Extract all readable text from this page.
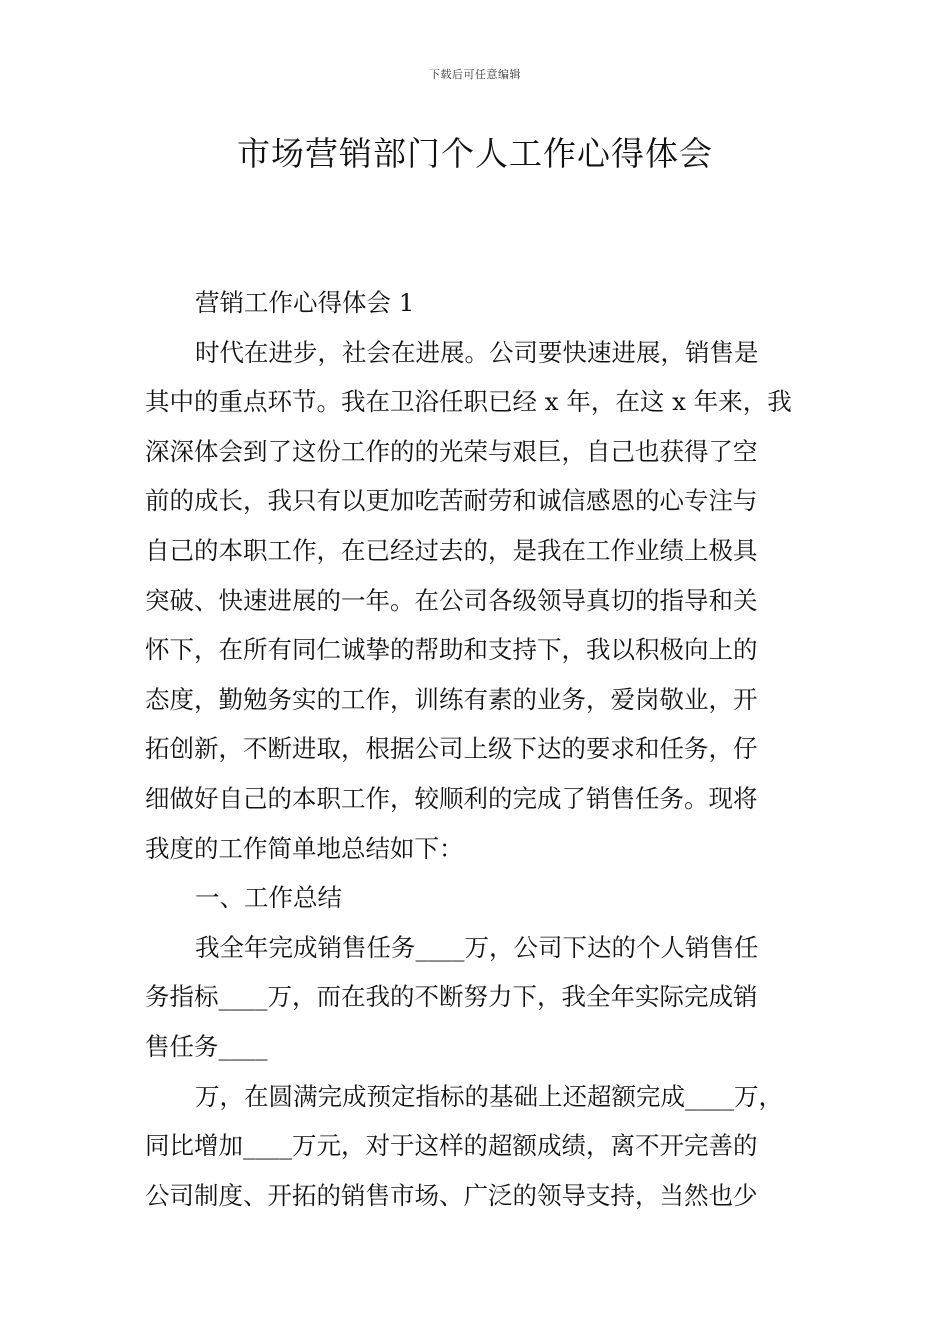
下载后可任意编辑
市场营销部门个人工作心得体会

营销工作心得体会 1

时代在进步，社会在进展。公司要快速进展，销售是
其中的重点环节。我在卫浴任职已经 x 年，在这 x 年来，我
深深体会到了这份工作的的光荣与艰巨，自己也获得了空
前的成长，我只有以更加吃苦耐劳和诚信感恩的心专注与
自己的本职工作，在已经过去的，是我在工作业绩上极具
突破、快速进展的一年。在公司各级领导真切的指导和关
怀下，在所有同仁诚挚的帮助和支持下，我以积极向上的
态度，勤勉务实的工作，训练有素的业务，爱岗敬业，开
拓创新，不断进取，根据公司上级下达的要求和任务，仔
细做好自己的本职工作，较顺利的完成了销售任务。现将
我度的工作简单地总结如下：

一、工作总结

我全年完成销售任务____万，公司下达的个人销售任
务指标____万，而在我的不断努力下，我全年实际完成销
售任务____

万，在圆满完成预定指标的基础上还超额完成____万，
同比增加____万元，对于这样的超额成绩，离不开完善的
公司制度、开拓的销售市场、广泛的领导支持，当然也少
